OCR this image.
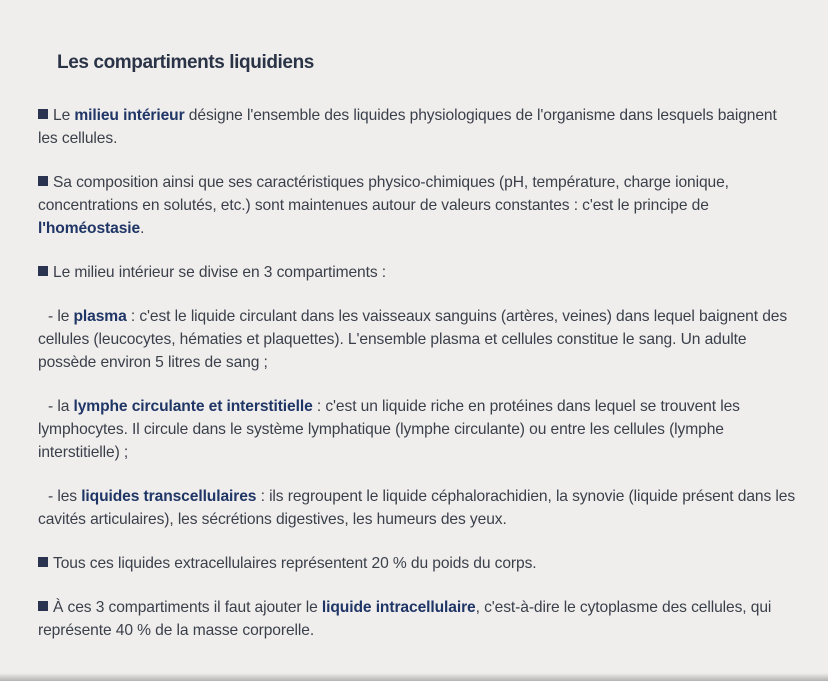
Les compartiments liquidiens

Le milieu intérieur désigne l'ensemble des liquides physiologiques de l'organisme dans lesquels baignent les cellules.

Sa composition ainsi que ses caractéristiques physico-chimiques (pH, température, charge ionique, concentrations en solutés, etc.) sont maintenues autour de valeurs constantes : c'est le principe de l'homéostasie.

Le milieu intérieur se divise en 3 compartiments :

- le plasma : c'est le liquide circulant dans les vaisseaux sanguins (artères, veines) dans lequel baignent des cellules (leucocytes, hématies et plaquettes). L'ensemble plasma et cellules constitue le sang. Un adulte possède environ 5 litres de sang ;

- la lymphe circulante et interstitielle : c'est un liquide riche en protéines dans lequel se trouvent les lymphocytes. Il circule dans le système lymphatique (lymphe circulante) ou entre les cellules (lymphe interstitielle) ;

- les liquides transcellulaires : ils regroupent le liquide céphalorachidien, la synovie (liquide présent dans les cavités articulaires), les sécrétions digestives, les humeurs des yeux.

Tous ces liquides extracellulaires représentent 20 % du poids du corps.

À ces 3 compartiments il faut ajouter le liquide intracellulaire, c'est-à-dire le cytoplasme des cellules, qui représente 40 % de la masse corporelle.
